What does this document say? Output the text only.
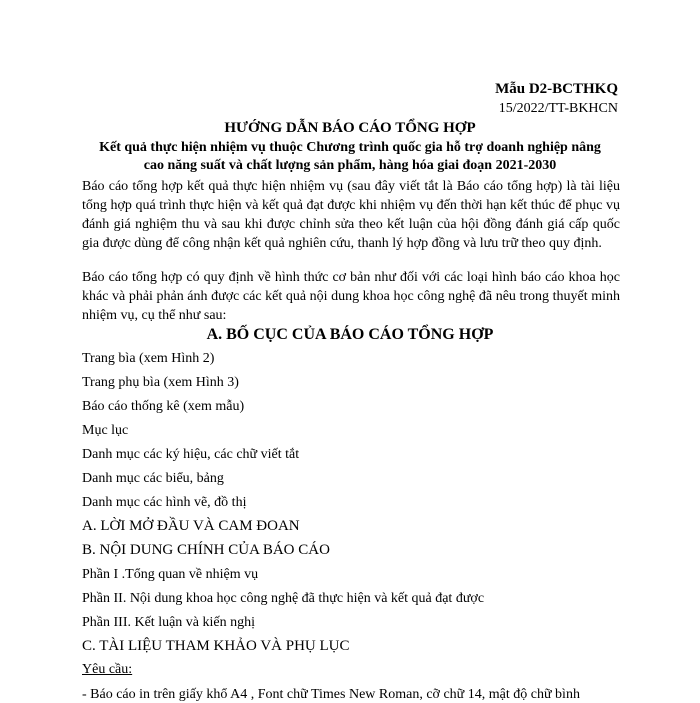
Mẫu D2-BCTHKQ
15/2022/TT-BKHCN
HƯỚNG DẪN BÁO CÁO TỔNG HỢP
Kết quả thực hiện nhiệm vụ thuộc Chương trình quốc gia hỗ trợ doanh nghiệp nâng
cao năng suất và chất lượng sản phẩm, hàng hóa giai đoạn 2021-2030
Báo cáo tổng hợp kết quả thực hiện nhiệm vụ (sau đây viết tắt là Báo cáo tổng hợp) là tài liệu tổng hợp quá trình thực hiện và kết quả đạt được khi nhiệm vụ đến thời hạn kết thúc để phục vụ đánh giá nghiệm thu và sau khi được chỉnh sửa theo kết luận của hội đồng đánh giá cấp quốc gia được dùng để công nhận kết quả nghiên cứu, thanh lý hợp đồng và lưu trữ theo quy định.
Báo cáo tổng hợp có quy định về hình thức cơ bản như đối với các loại hình báo cáo khoa học khác và phải phản ánh được các kết quả nội dung khoa học công nghệ đã nêu trong thuyết minh nhiệm vụ, cụ thể như sau:
A. BỐ CỤC CỦA BÁO CÁO TỔNG HỢP
Trang bìa (xem Hình 2)
Trang phụ bìa (xem Hình 3)
Báo cáo thống kê (xem mẫu)
Mục lục
Danh mục các ký hiệu, các chữ viết tắt
Danh mục các biểu, bảng
Danh mục các hình vẽ, đồ thị
A. LỜI MỞ ĐẦU VÀ CAM ĐOAN
B. NỘI DUNG CHÍNH CỦA BÁO CÁO
Phần I .Tổng quan về nhiệm vụ
Phần II. Nội dung khoa học công nghệ đã thực hiện và kết quả đạt được
Phần III. Kết luận và kiến nghị
C. TÀI LIỆU THAM KHẢO VÀ PHỤ LỤC
Yêu cầu:
- Báo cáo in trên giấy khổ A4 , Font chữ Times New Roman, cỡ chữ 14, mật độ chữ bình
